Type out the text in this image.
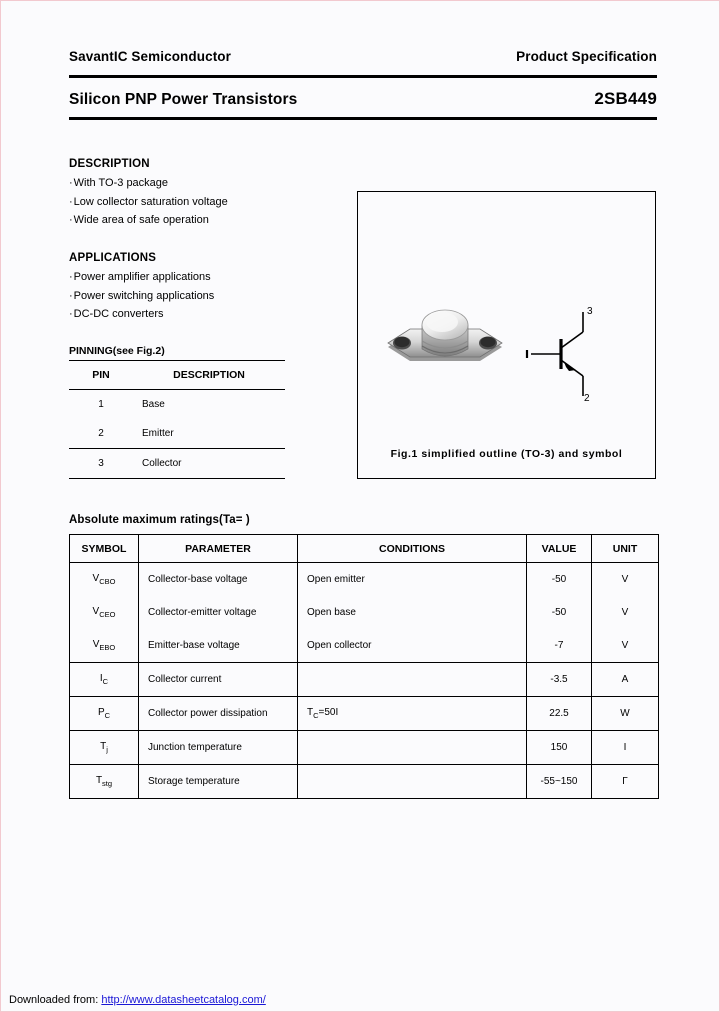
SavantIC Semiconductor	Product Specification
Silicon PNP Power Transistors	2SB449
DESCRIPTION
·With TO-3 package
·Low collector saturation voltage
·Wide area of safe operation
APPLICATIONS
·Power amplifier applications
·Power switching applications
·DC-DC converters
PINNING(see Fig.2)
PIN	DESCRIPTION
1	Base
2	Emitter
3	Collector
3
2
Fig.1 simplified outline (TO-3) and symbol
Absolute maximum ratings(Ta= )
SYMBOL	PARAMETER	CONDITIONS	VALUE	UNIT
$V_{CBO}$	Collector-base voltage	Open emitter	-50	V
$V_{CEO}$	Collector-emitter voltage	Open base	-50	V
$V_{EBO}$	Emitter-base voltage	Open collector	-7	V
$I_C$	Collector current		-3.5	A
$P_C$	Collector power dissipation	$T_C=50I$	22.5	W
$T_j$	Junction temperature		150	I
$T_{stg}$	Storage temperature		-55~150	Γ
Downloaded from: http://www.datasheetcatalog.com/
